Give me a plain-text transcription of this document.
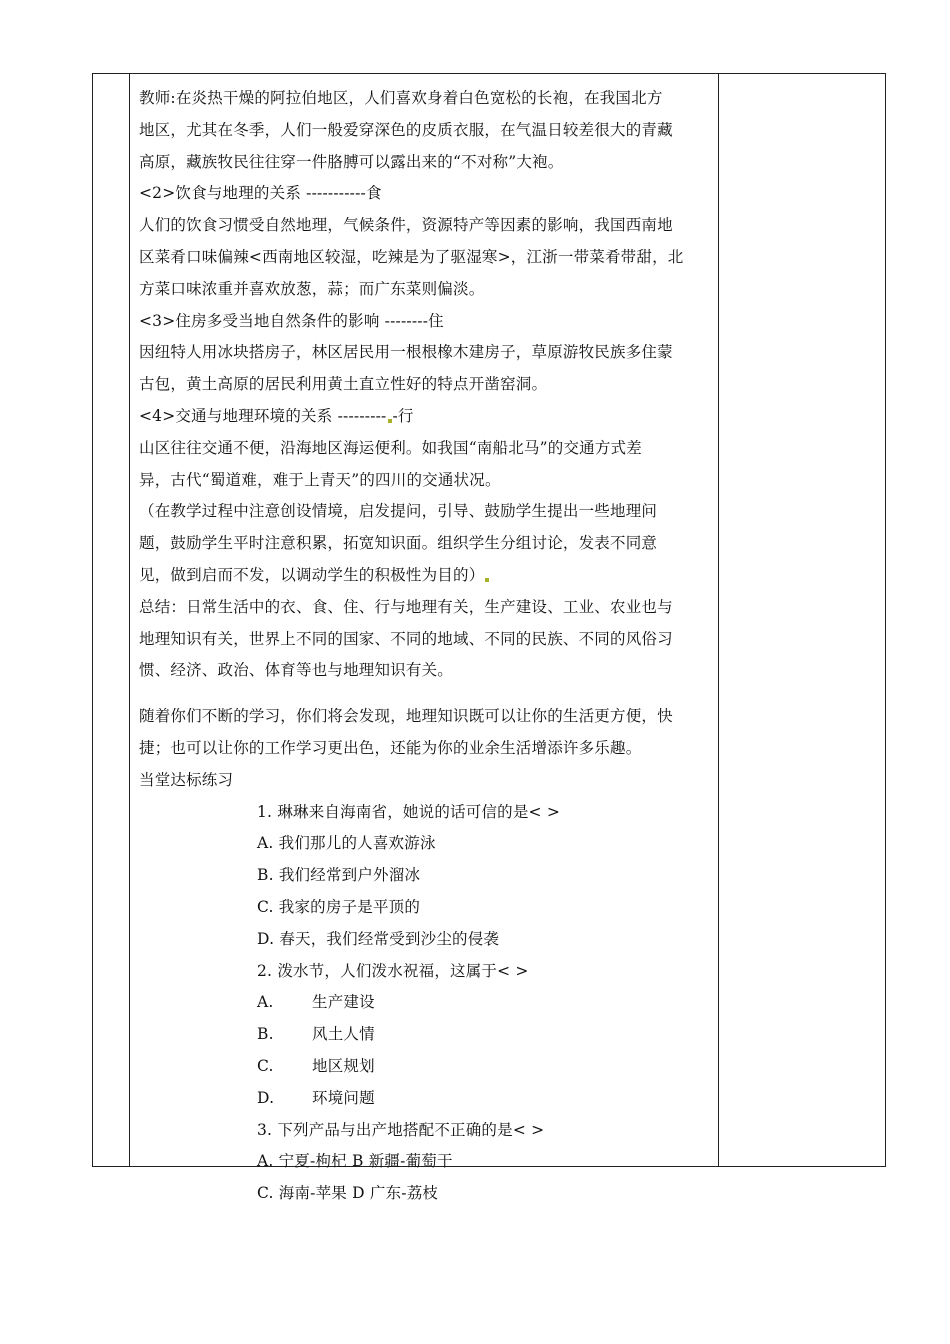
教师:在炎热干燥的阿拉伯地区，人们喜欢身着白色宽松的长袍，在我国北方

地区，尤其在冬季，人们一般爱穿深色的皮质衣服，在气温日较差很大的青藏

高原，藏族牧民往往穿一件胳膊可以露出来的“不对称”大袍。

<2>饮食与地理的关系 -----------食

人们的饮食习惯受自然地理，气候条件，资源特产等因素的影响，我国西南地

区菜肴口味偏辣<西南地区较湿，吃辣是为了驱湿寒>，江浙一带菜肴带甜，北

方菜口味浓重并喜欢放葱，蒜；而广东菜则偏淡。

<3>住房多受当地自然条件的影响 --------住

因纽特人用冰块搭房子，林区居民用一根根橡木建房子，草原游牧民族多住蒙

古包，黄土高原的居民利用黄土直立性好的特点开凿窑洞。

<4>交通与地理环境的关系 --------- -行

山区往往交通不便，沿海地区海运便利。如我国“南船北马”的交通方式差

异，古代“蜀道难，难于上青天”的四川的交通状况。

（在教学过程中注意创设情境，启发提问，引导、鼓励学生提出一些地理问

题，鼓励学生平时注意积累，拓宽知识面。组织学生分组讨论，发表不同意

见，做到启而不发，以调动学生的积极性为目的）

总结：日常生活中的衣、食、住、行与地理有关，生产建设、工业、农业也与

地理知识有关，世界上不同的国家、不同的地域、不同的民族、不同的风俗习

惯、经济、政治、体育等也与地理知识有关。

随着你们不断的学习，你们将会发现，地理知识既可以让你的生活更方便，快

捷；也可以让你的工作学习更出色，还能为你的业余生活增添许多乐趣。

当堂达标练习

1. 琳琳来自海南省，她说的话可信的是< >

A. 我们那儿的人喜欢游泳

B. 我们经常到户外溜冰

C. 我家的房子是平顶的

D. 春天，我们经常受到沙尘的侵袭

2. 泼水节，人们泼水祝福，这属于< >

A. 生产建设

B. 风土人情

C. 地区规划

D. 环境问题

3. 下列产品与出产地搭配不正确的是< >

A. 宁夏-枸杞 B 新疆-葡萄干

C. 海南-苹果 D 广东-荔枝
